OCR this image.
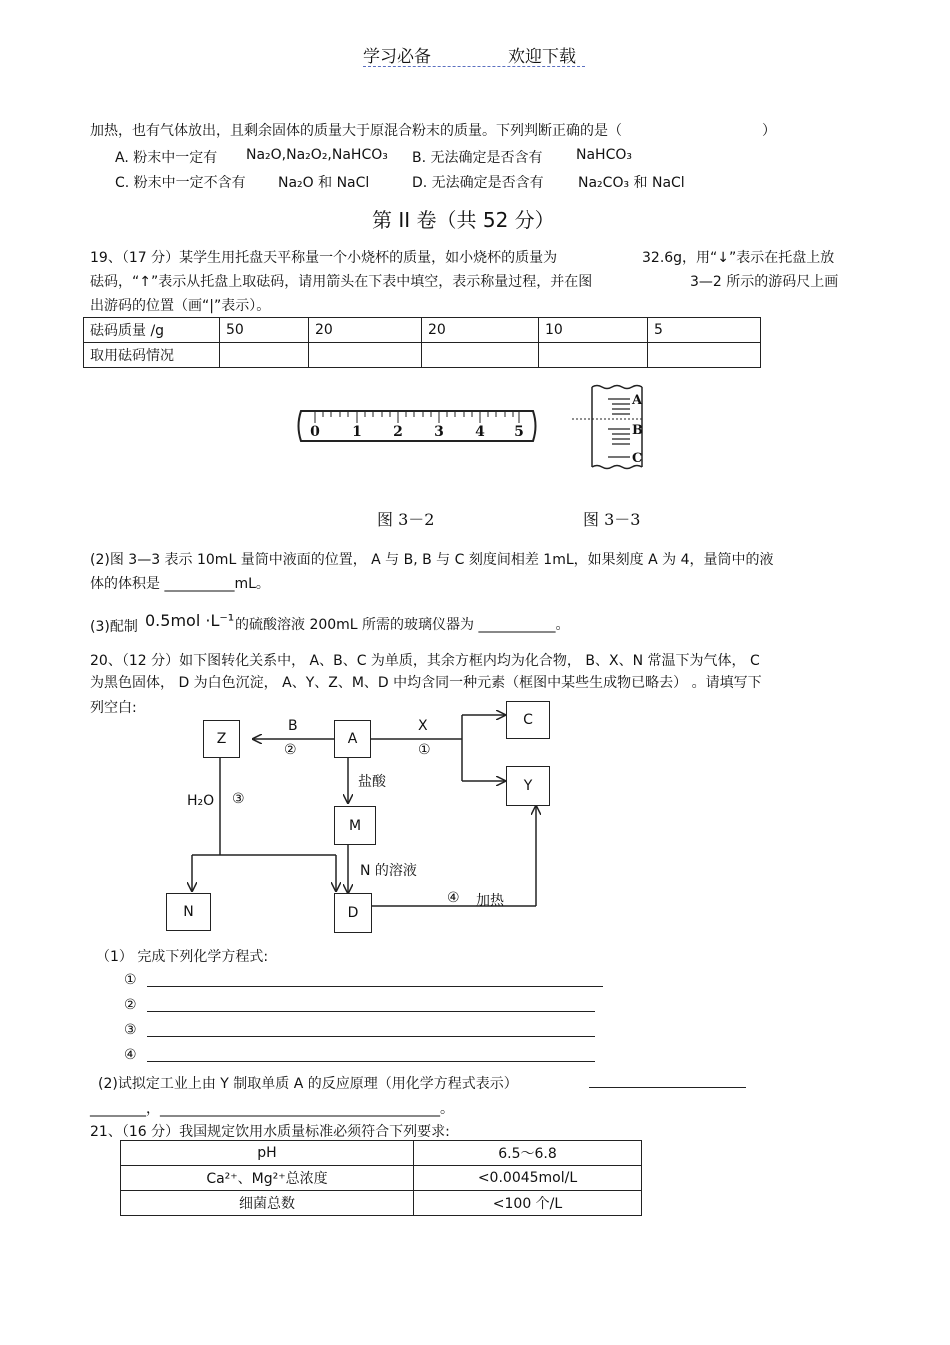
学习必备	欢迎下载
加热，也有气体放出，且剩余固体的质量大于原混合粉末的质量。下列判断正确的是（	）
A. 粉末中一定有 Na₂O,Na₂O₂,NaHCO₃ B. 无法确定是否含有 NaHCO₃
C. 粉末中一定不含有 Na₂O 和 NaCl	D. 无法确定是否含有 Na₂CO₃ 和 NaCl
第 II 卷（共 52 分）
19、（17 分）某学生用托盘天平称量一个小烧杯的质量，如小烧杯的质量为	32.6g，用“↓”表示在托盘上放
砝码，“↑”表示从托盘上取砝码，请用箭头在下表中填空，表示称量过程，并在图	3—2 所示的游码尺上画
出游码的位置（画“|”表示）。
砝码质量 /g	50	20	20	10	5
取用砝码情况					
0 1 2 3 4 5
A
B
C
图 3－2	图 3－3
(2)图 3—3 表示 10mL 量筒中液面的位置， A 与 B, B 与 C 刻度间相差 1mL，如果刻度 A 为 4，量筒中的液
体的体积是 __________mL。
(3)配制 0.5mol ·L⁻¹ 的硫酸溶液 200mL 所需的玻璃仪器为 ___________。
20、（12 分）如下图转化关系中， A、B、C 为单质，其余方框内均为化合物， B、X、N 常温下为气体， C
为黑色固体， D 为白色沉淀， A、Y、Z、M、D 中均含同一种元素（框图中某些生成物已略去） 。请填写下
列空白:
Z	A
C
Y
M
N	D
B
②
X
①
盐酸
H₂O ③
N 的溶液
④ 加热
（1） 完成下列化学方程式:
①
②
③
④
(2)试拟定工业上由 Y 制取单质 A 的反应原理（用化学方程式表示）
________，________________________________________。
21、（16 分）我国规定饮用水质量标准必须符合下列要求:
pH	6.5～6.8
Ca²⁺、Mg²⁺总浓度	<0.0045mol/L
细菌总数	<100 个/L
